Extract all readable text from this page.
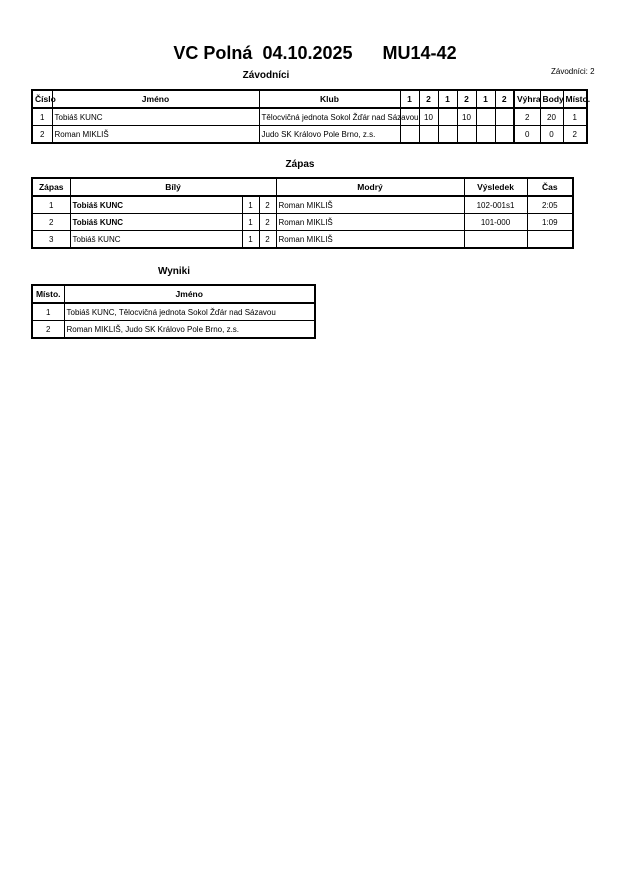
VC Polná 04.10.2025 MU14-42
Závodníci	Závodníci: 2
Číslo	Jméno	Klub	1	2	1	2	1	2	Výhra	Body	Místo.
1	Tobiáš KUNC	Tělocvičná jednota Sokol Žďár nad Sázavou		10		10			2	20	1
2	Roman MIKLIŠ	Judo SK Královo Pole Brno, z.s.							0	0	2
Zápas
Zápas	Bílý			Modrý	Výsledek	Čas
1	Tobiáš KUNC	1	2	Roman MIKLIŠ	102-001s1	2:05
2	Tobiáš KUNC	1	2	Roman MIKLIŠ	101-000	1:09
3	Tobiáš KUNC	1	2	Roman MIKLIŠ		
Wyniki
Místo.	Jméno
1	Tobiáš KUNC, Tělocvičná jednota Sokol Žďár nad Sázavou
2	Roman MIKLIŠ, Judo SK Královo Pole Brno, z.s.
